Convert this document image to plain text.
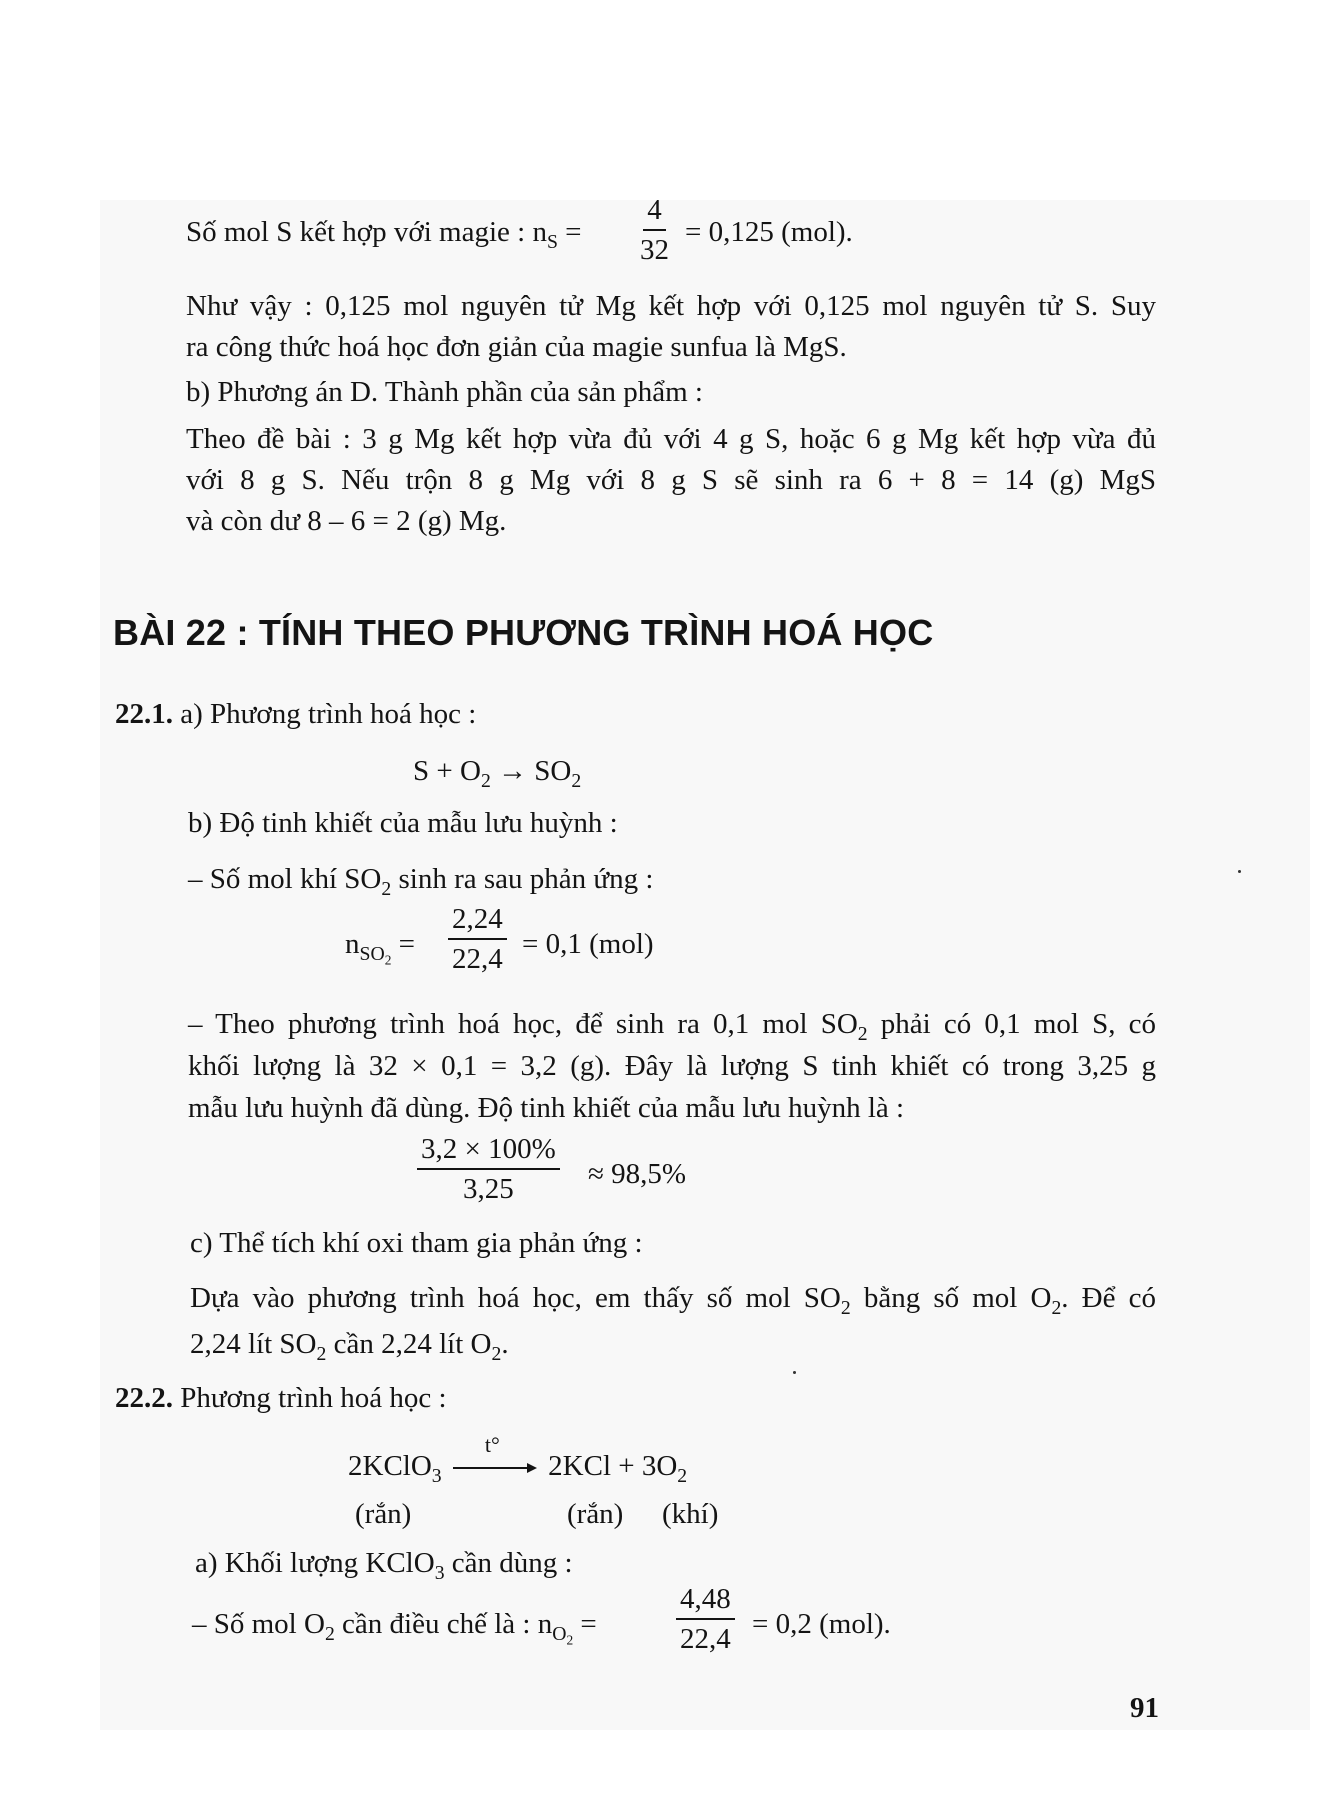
Số mol S kết hợp với magie : $n_S = \frac{4}{32} = 0,125$ (mol).
Như vậy : 0,125 mol nguyên tử Mg kết hợp với 0,125 mol nguyên tử S. Suy
ra công thức hoá học đơn giản của magie sunfua là MgS.
b) Phương án D. Thành phần của sản phẩm :
Theo đề bài : 3 g Mg kết hợp vừa đủ với 4 g S, hoặc 6 g Mg kết hợp vừa đủ
với 8 g S. Nếu trộn 8 g Mg với 8 g S sẽ sinh ra 6 + 8 = 14 (g) MgS
và còn dư 8 – 6 = 2 (g) Mg.
BÀI 22 : TÍNH THEO PHƯƠNG TRÌNH HOÁ HỌC
22.1. a) Phương trình hoá học :
$S + O_2 \to SO_2$
b) Độ tinh khiết của mẫu lưu huỳnh :
– Số mol khí $SO_2$ sinh ra sau phản ứng :
$n_{SO_2} = \frac{2,24}{22,4} = 0,1$ (mol)
– Theo phương trình hoá học, để sinh ra 0,1 mol $SO_2$ phải có 0,1 mol S, có
khối lượng là 32 × 0,1 = 3,2 (g). Đây là lượng S tinh khiết có trong 3,25 g
mẫu lưu huỳnh đã dùng. Độ tinh khiết của mẫu lưu huỳnh là :
$\frac{3,2 \times 100\%}{3,25} \approx 98,5\%$
c) Thể tích khí oxi tham gia phản ứng :
Dựa vào phương trình hoá học, em thấy số mol $SO_2$ bằng số mol $O_2$. Để có
2,24 lít $SO_2$ cần 2,24 lít $O_2$.
22.2. Phương trình hoá học :
2KClO$_3$
t°
$2KCl + 3O_2$
(rắn)	(rắn) (khí)
a) Khối lượng KClO$_3$ cần dùng :
– Số mol $O_2$ cần điều chế là : $n_{O_2}$ =	$\frac{4,48}{22,4} = 0,2$ (mol).
91
